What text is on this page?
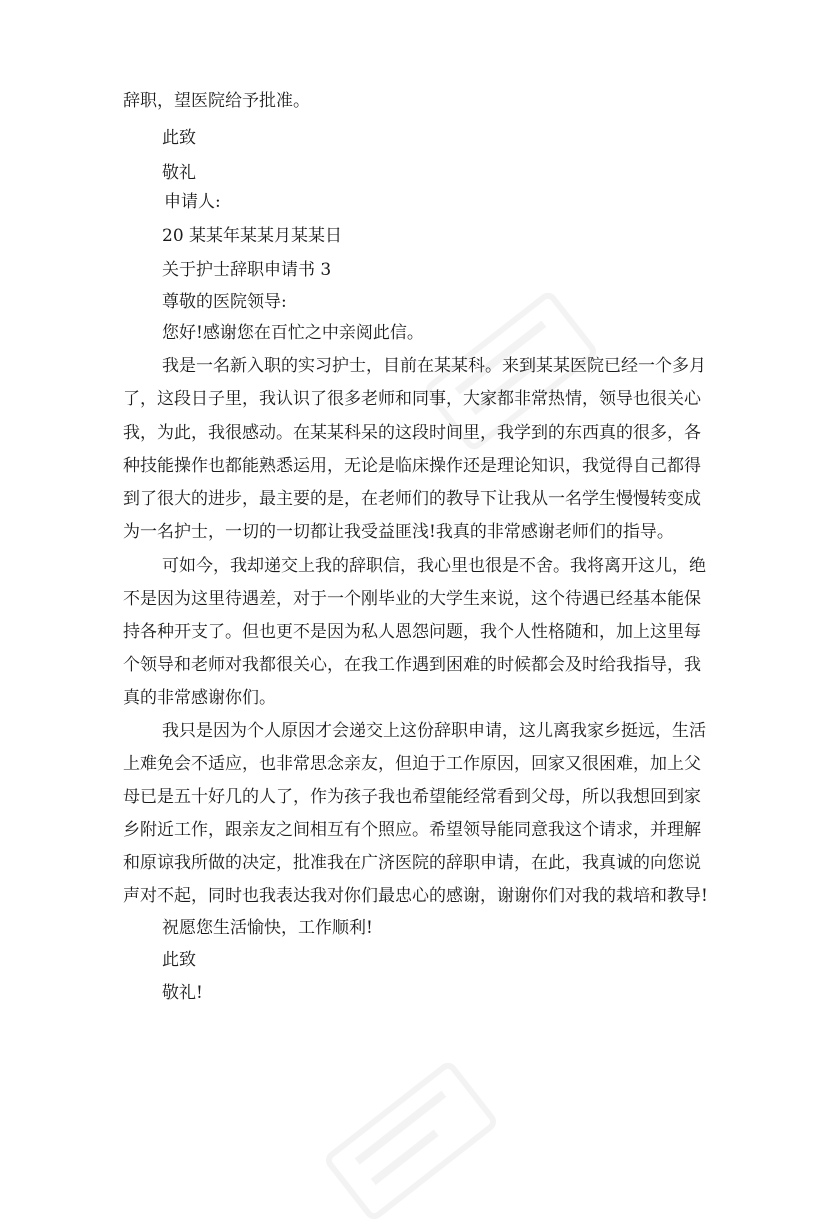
辞职，望医院给予批准。
此致
敬礼
申请人:
20 某某年某某月某某日
关于护士辞职申请书 3
尊敬的医院领导:
您好!感谢您在百忙之中亲阅此信。
我是一名新入职的实习护士，目前在某某科。来到某某医院已经一个多月
了，这段日子里，我认识了很多老师和同事，大家都非常热情，领导也很关心
我，为此，我很感动。在某某科呆的这段时间里，我学到的东西真的很多，各
种技能操作也都能熟悉运用，无论是临床操作还是理论知识，我觉得自己都得
到了很大的进步，最主要的是，在老师们的教导下让我从一名学生慢慢转变成
为一名护士，一切的一切都让我受益匪浅!我真的非常感谢老师们的指导。
可如今，我却递交上我的辞职信，我心里也很是不舍。我将离开这儿，绝
不是因为这里待遇差，对于一个刚毕业的大学生来说，这个待遇已经基本能保
持各种开支了。但也更不是因为私人恩怨问题，我个人性格随和，加上这里每
个领导和老师对我都很关心，在我工作遇到困难的时候都会及时给我指导，我
真的非常感谢你们。
我只是因为个人原因才会递交上这份辞职申请，这儿离我家乡挺远，生活
上难免会不适应，也非常思念亲友，但迫于工作原因，回家又很困难，加上父
母已是五十好几的人了，作为孩子我也希望能经常看到父母，所以我想回到家
乡附近工作，跟亲友之间相互有个照应。希望领导能同意我这个请求，并理解
和原谅我所做的决定，批准我在广济医院的辞职申请，在此，我真诚的向您说
声对不起，同时也我表达我对你们最忠心的感谢，谢谢你们对我的栽培和教导!
祝愿您生活愉快，工作顺利!
此致
敬礼!
